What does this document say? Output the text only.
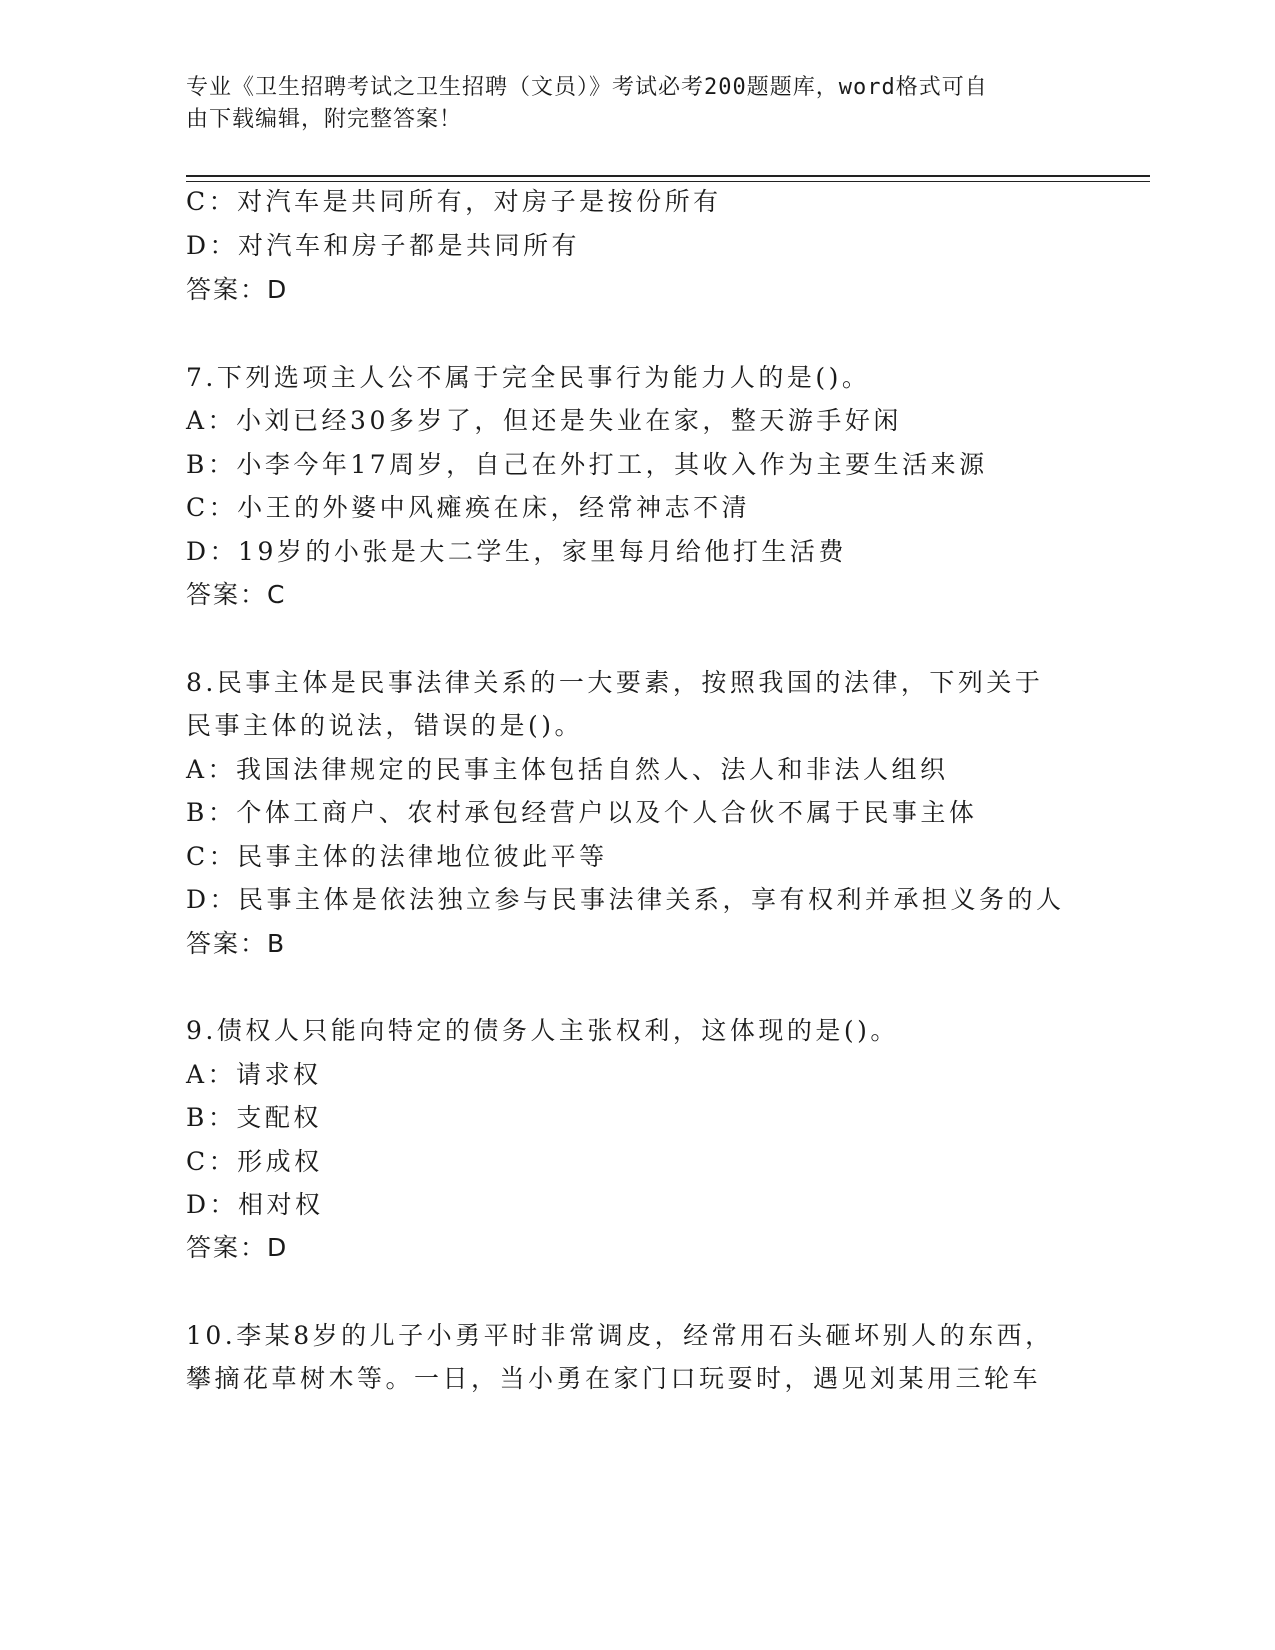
专业《卫生招聘考试之卫生招聘（文员）》考试必考200题题库，word格式可自
由下载编辑，附完整答案！
C：对汽车是共同所有，对房子是按份所有
D：对汽车和房子都是共同所有
答案：D
7.下列选项主人公不属于完全民事行为能力人的是()。
A：小刘已经30多岁了，但还是失业在家，整天游手好闲
B：小李今年17周岁，自己在外打工，其收入作为主要生活来源
C：小王的外婆中风瘫痪在床，经常神志不清
D：19岁的小张是大二学生，家里每月给他打生活费
答案：C
8.民事主体是民事法律关系的一大要素，按照我国的法律，下列关于
民事主体的说法，错误的是()。
A：我国法律规定的民事主体包括自然人、法人和非法人组织
B：个体工商户、农村承包经营户以及个人合伙不属于民事主体
C：民事主体的法律地位彼此平等
D：民事主体是依法独立参与民事法律关系，享有权利并承担义务的人
答案：B
9.债权人只能向特定的债务人主张权利，这体现的是()。
A：请求权
B：支配权
C：形成权
D：相对权
答案：D
10.李某8岁的儿子小勇平时非常调皮，经常用石头砸坏别人的东西，
攀摘花草树木等。一日，当小勇在家门口玩耍时，遇见刘某用三轮车
